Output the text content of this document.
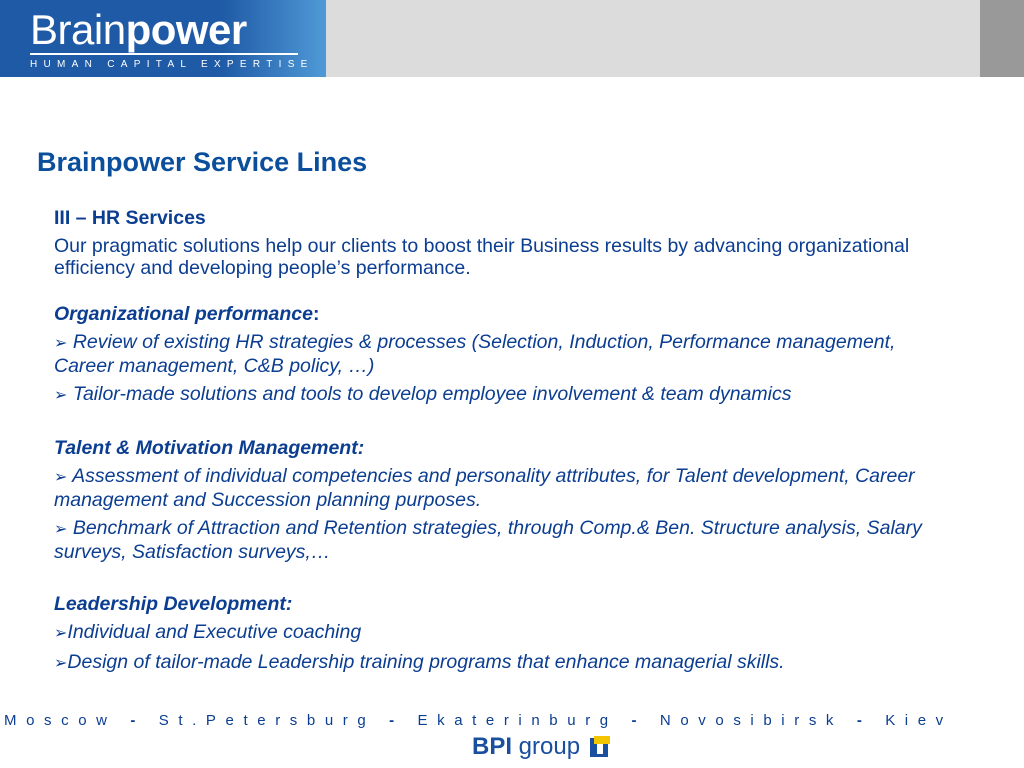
Brainpower
HUMAN CAPITAL EXPERTISE
Brainpower Service Lines

III – HR Services

Our pragmatic solutions help our clients to boost their Business results by advancing organizational efficiency and developing people’s performance.

Organizational performance:

➢ Review of existing HR strategies & processes (Selection, Induction, Performance management, Career management, C&B policy, …)

➢ Tailor-made solutions and tools to develop employee involvement & team dynamics

Talent & Motivation Management:

➢ Assessment of individual competencies and personality attributes, for Talent development, Career management and Succession planning purposes.

➢ Benchmark of Attraction and Retention strategies, through Comp.& Ben. Structure analysis, Salary surveys, Satisfaction surveys,…

Leadership Development:

➢Individual and Executive coaching

➢Design of tailor-made Leadership training programs that enhance managerial skills.

Moscow - St.Petersburg - Ekaterinburg - Novosibirsk - Kiev
BPI group
